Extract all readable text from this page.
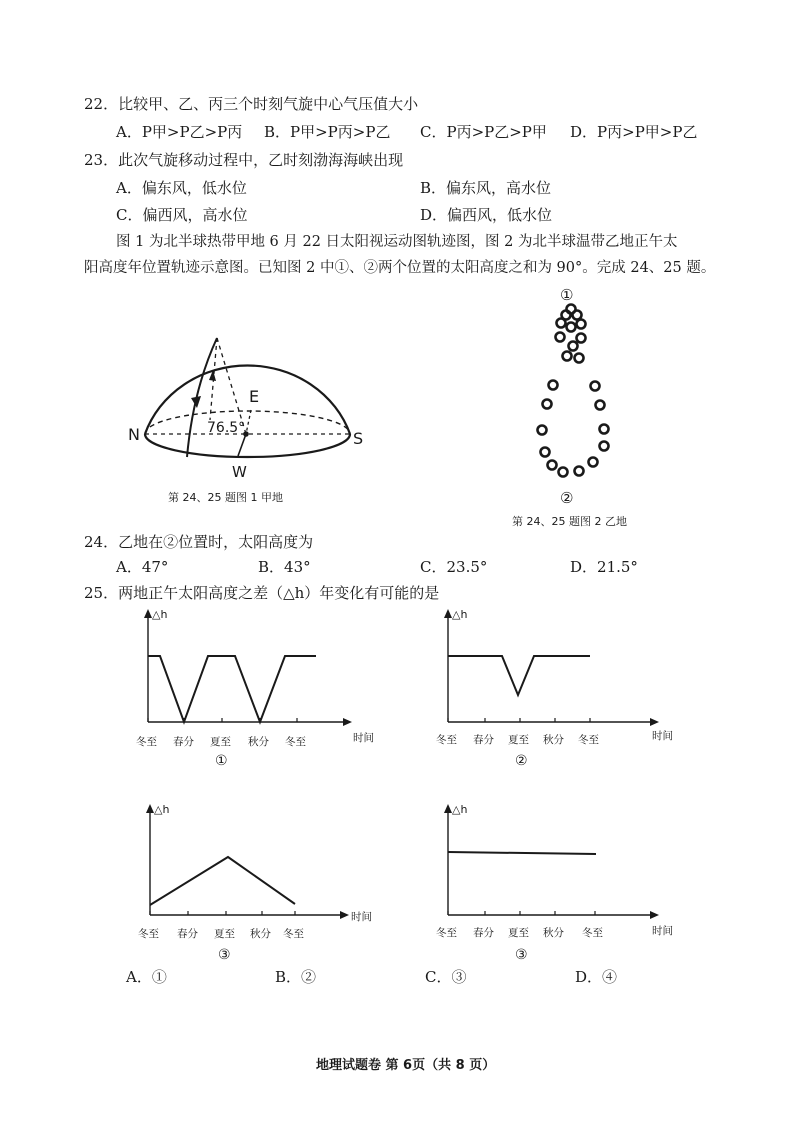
22．比较甲、乙、丙三个时刻气旋中心气压值大小
A．P甲>P乙>P丙 B．P甲>P丙>P乙 C．P丙>P乙>P甲 D．P丙>P甲>P乙
23．此次气旋移动过程中，乙时刻渤海海峡出现
A．偏东风，低水位	B．偏东风，高水位
C．偏西风，高水位	D．偏西风，低水位
图 1 为北半球热带甲地 6 月 22 日太阳视运动图轨迹图，图 2 为北半球温带乙地正午太
阳高度年位置轨迹示意图。已知图 2 中①、②两个位置的太阳高度之和为 90°。完成 24、25 题。
N	S
E
W
76.5°
第 24、25 题图 1 甲地
①
②
第 24、25 题图 2 乙地
24．乙地在②位置时，太阳高度为
A．47°	B．43°	C．23.5°	D．21.5°
25．两地正午太阳高度之差（△h）年变化有可能的是
△h
时间
冬至 春分 夏至 秋分 冬至
①
△h
时间
冬至 春分 夏至 秋分 冬至
②
△h
时间
冬至 春分 夏至 秋分 冬至
③
△h
时间
冬至 春分 夏至 秋分 冬至
③
A．①	B．②	C．③	D．④
地理试题卷 第 6页（共 8 页）
